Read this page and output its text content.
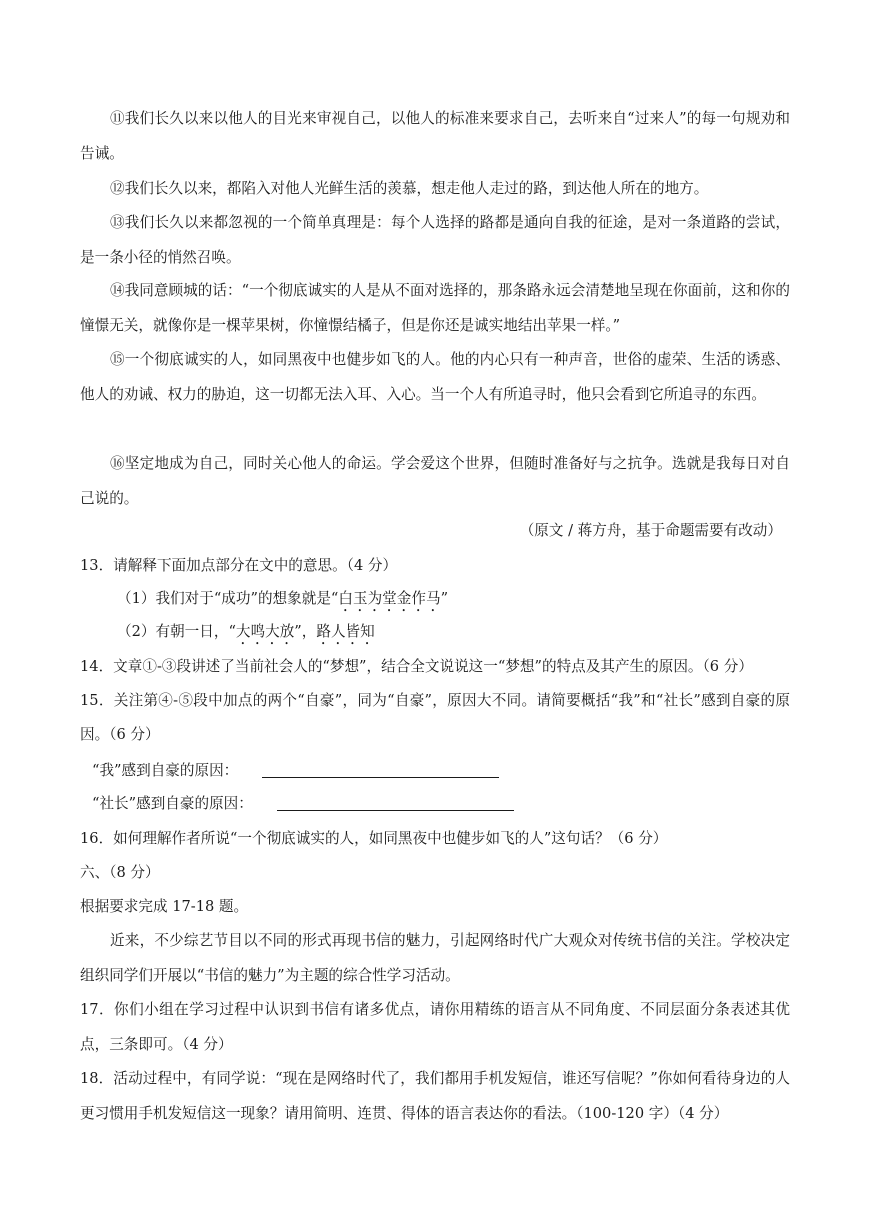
⑪我们长久以来以他人的目光来审视自己，以他人的标准来要求自己，去听来自“过来人”的每一句规劝和告诫。
⑫我们长久以来，都陷入对他人光鲜生活的羡慕，想走他人走过的路，到达他人所在的地方。
⑬我们长久以来都忽视的一个简单真理是：每个人选择的路都是通向自我的征途，是对一条道路的尝试，是一条小径的悄然召唤。
⑭我同意顾城的话：“一个彻底诚实的人是从不面对选择的，那条路永远会清楚地呈现在你面前，这和你的憧憬无关，就像你是一棵苹果树，你憧憬结橘子，但是你还是诚实地结出苹果一样。”
⑮一个彻底诚实的人，如同黑夜中也健步如飞的人。他的内心只有一种声音，世俗的虚荣、生活的诱惑、他人的劝诫、权力的胁迫，这一切都无法入耳、入心。当一个人有所追寻时，他只会看到它所追寻的东西。
⑯坚定地成为自己，同时关心他人的命运。学会爱这个世界，但随时准备好与之抗争。选就是我每日对自己说的。
（原文 / 蒋方舟，基于命题需要有改动）
13．请解释下面加点部分在文中的意思。（4 分）
（1）我们对于“成功”的想象就是“白玉为堂金作马”
（2）有朝一日，“大鸣大放”，路人皆知
14．文章①-③段讲述了当前社会人的“梦想”，结合全文说说这一“梦想”的特点及其产生的原因。（6 分）
15．关注第④-⑤段中加点的两个“自豪”，同为“自豪”，原因大不同。请简要概括“我”和“社长”感到自豪的原因。（6 分）
“我”感到自豪的原因：
“社长”感到自豪的原因：
16．如何理解作者所说“一个彻底诚实的人，如同黑夜中也健步如飞的人”这句话？（6 分）
六、（8 分）
根据要求完成 17-18 题。
近来，不少综艺节目以不同的形式再现书信的魅力，引起网络时代广大观众对传统书信的关注。学校决定组织同学们开展以“书信的魅力”为主题的综合性学习活动。
17．你们小组在学习过程中认识到书信有诸多优点，请你用精练的语言从不同角度、不同层面分条表述其优点，三条即可。（4 分）
18．活动过程中，有同学说：“现在是网络时代了，我们都用手机发短信，谁还写信呢？”你如何看待身边的人更习惯用手机发短信这一现象？请用简明、连贯、得体的语言表达你的看法。（100-120 字）（4 分）
